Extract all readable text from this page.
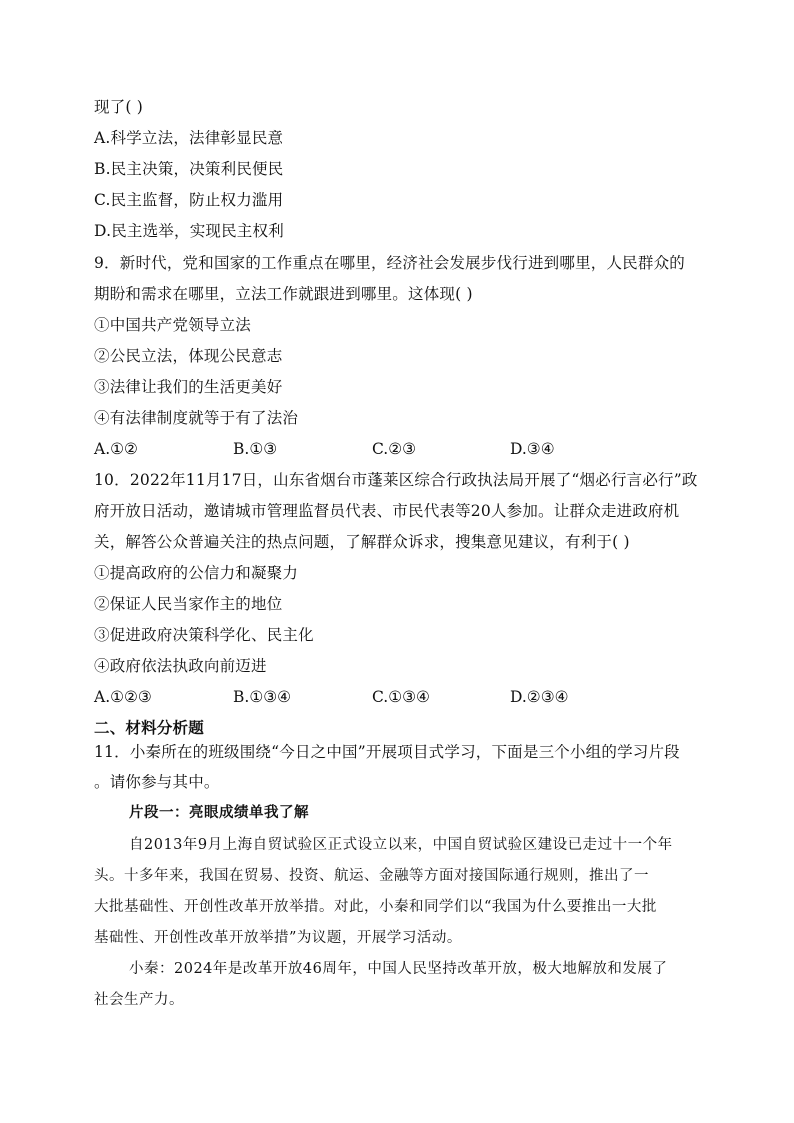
现了( )
A.科学立法，法律彰显民意
B.民主决策，决策利民便民
C.民主监督，防止权力滥用
D.民主选举，实现民主权利
9．新时代，党和国家的工作重点在哪里，经济社会发展步伐行进到哪里，人民群众的
期盼和需求在哪里，立法工作就跟进到哪里。这体现( )
①中国共产党领导立法
②公民立法，体现公民意志
③法律让我们的生活更美好
④有法律制度就等于有了法治
A.①②	B.①③	C.②③	D.③④
10．2022年11月17日，山东省烟台市蓬莱区综合行政执法局开展了“烟必行言必行”政
府开放日活动，邀请城市管理监督员代表、市民代表等20人参加。让群众走进政府机
关，解答公众普遍关注的热点问题，了解群众诉求，搜集意见建议，有利于( )
①提高政府的公信力和凝聚力
②保证人民当家作主的地位
③促进政府决策科学化、民主化
④政府依法执政向前迈进
A.①②③	B.①③④	C.①③④	D.②③④
二、材料分析题
11．小秦所在的班级围绕“今日之中国”开展项目式学习，下面是三个小组的学习片段
。请你参与其中。
片段一：亮眼成绩单我了解
自2013年9月上海自贸试验区正式设立以来，中国自贸试验区建设已走过十一个年
头。十多年来，我国在贸易、投资、航运、金融等方面对接国际通行规则，推出了一
大批基础性、开创性改革开放举措。对此，小秦和同学们以“我国为什么要推出一大批
基础性、开创性改革开放举措”为议题，开展学习活动。
小秦：2024年是改革开放46周年，中国人民坚持改革开放，极大地解放和发展了
社会生产力。
